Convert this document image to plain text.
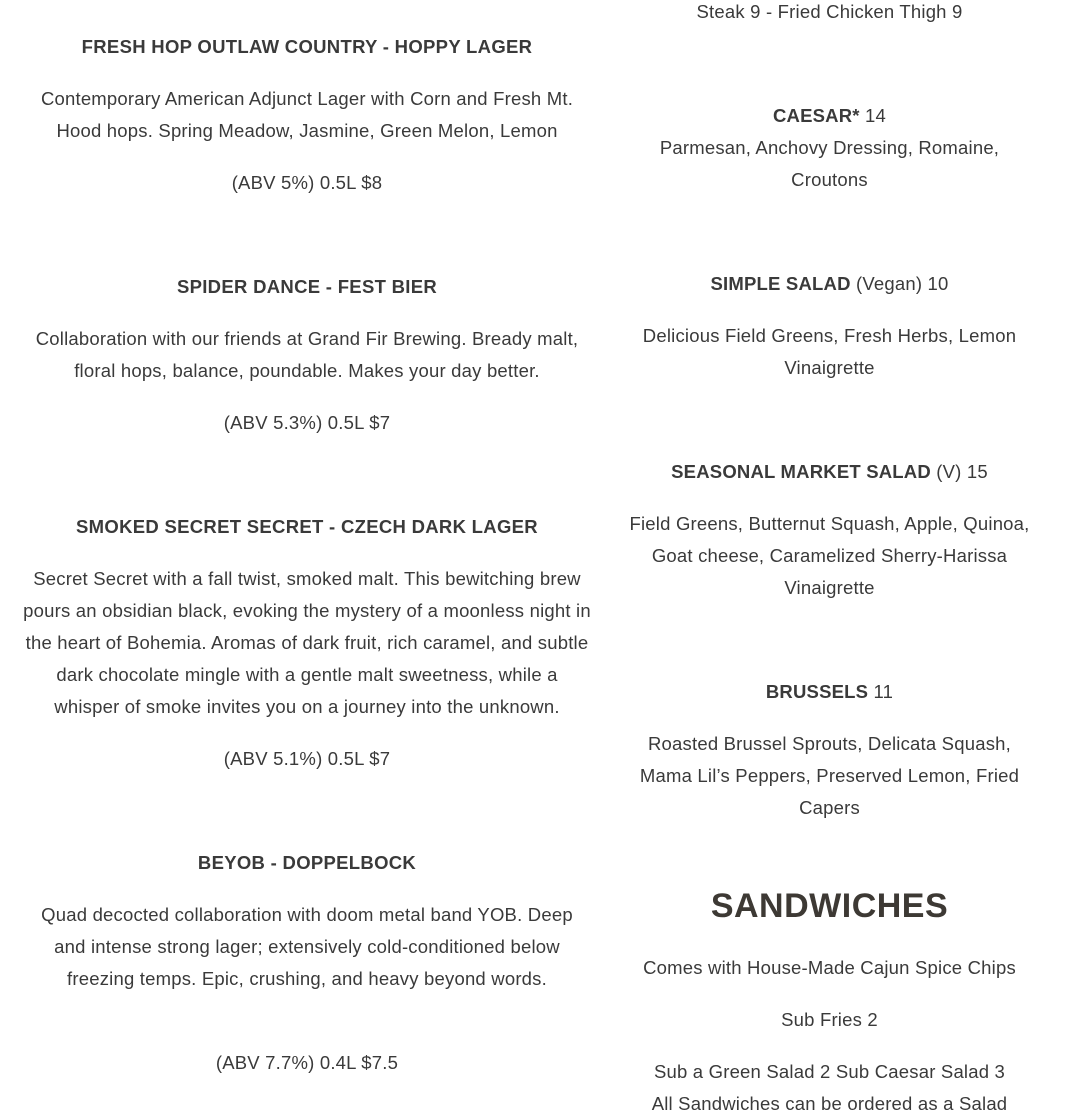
FRESH HOP OUTLAW COUNTRY - HOPPY LAGER

Contemporary American Adjunct Lager with Corn and Fresh Mt. Hood hops. Spring Meadow, Jasmine, Green Melon, Lemon

(ABV 5%) 0.5L $8

SPIDER DANCE - FEST BIER

Collaboration with our friends at Grand Fir Brewing. Bready malt, floral hops, balance, poundable. Makes your day better.

(ABV 5.3%) 0.5L $7

SMOKED SECRET SECRET - CZECH DARK LAGER

Secret Secret with a fall twist, smoked malt. This bewitching brew pours an obsidian black, evoking the mystery of a moonless night in the heart of Bohemia. Aromas of dark fruit, rich caramel, and subtle dark chocolate mingle with a gentle malt sweetness, while a whisper of smoke invites you on a journey into the unknown.

(ABV 5.1%) 0.5L $7

BEYOB - DOPPELBOCK

Quad decocted collaboration with doom metal band YOB. Deep and intense strong lager; extensively cold-conditioned below freezing temps. Epic, crushing, and heavy beyond words.

(ABV 7.7%) 0.4L $7.5

Steak 9 - Fried Chicken Thigh 9

CAESAR* 14

Parmesan, Anchovy Dressing, Romaine, Croutons

SIMPLE SALAD (Vegan) 10

Delicious Field Greens, Fresh Herbs, Lemon Vinaigrette

SEASONAL MARKET SALAD (V) 15

Field Greens, Butternut Squash, Apple, Quinoa, Goat cheese, Caramelized Sherry-Harissa Vinaigrette

BRUSSELS 11

Roasted Brussel Sprouts, Delicata Squash, Mama Lil’s Peppers, Preserved Lemon, Fried Capers

SANDWICHES

Comes with House-Made Cajun Spice Chips

Sub Fries 2

Sub a Green Salad 2 Sub Caesar Salad 3

All Sandwiches can be ordered as a Salad
